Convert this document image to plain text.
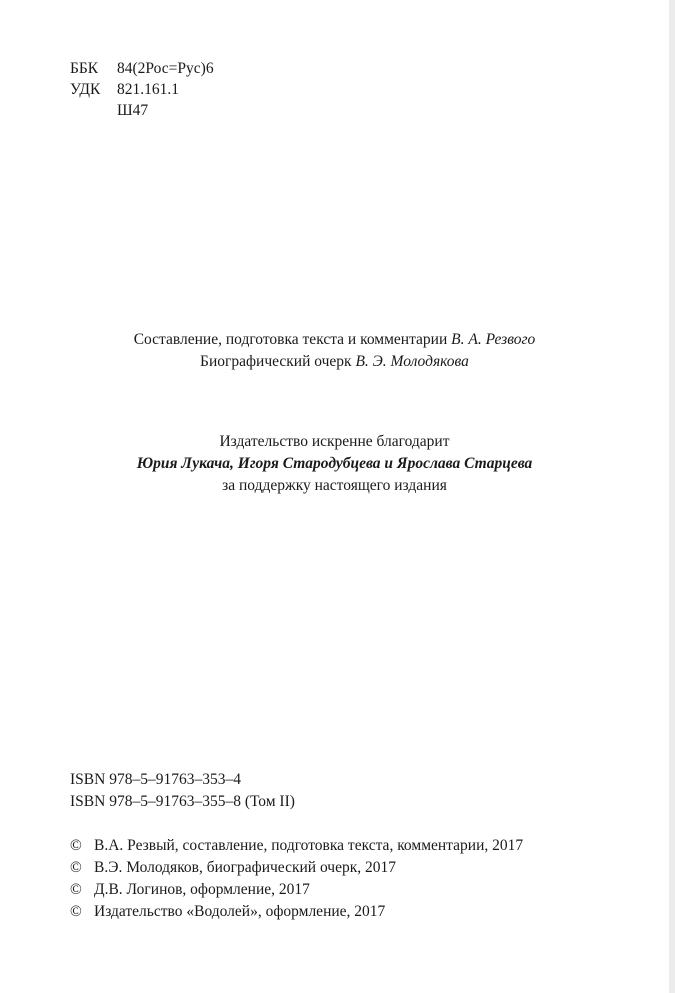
ББК	84(2Рос=Рус)6
УДК	821.161.1
Ш47
Составление, подготовка текста и комментарии В. А. Резвого
Биографический очерк В. Э. Молодякова
Издательство искренне благодарит
Юрия Лукача, Игоря Стародубцева и Ярослава Старцева
за поддержку настоящего издания
ISBN 978–5–91763–353–4
ISBN 978–5–91763–355–8 (Том II)
© В.А. Резвый, составление, подготовка текста, комментарии, 2017
© В.Э. Молодяков, биографический очерк, 2017
© Д.В. Логинов, оформление, 2017
© Издательство «Водолей», оформление, 2017
